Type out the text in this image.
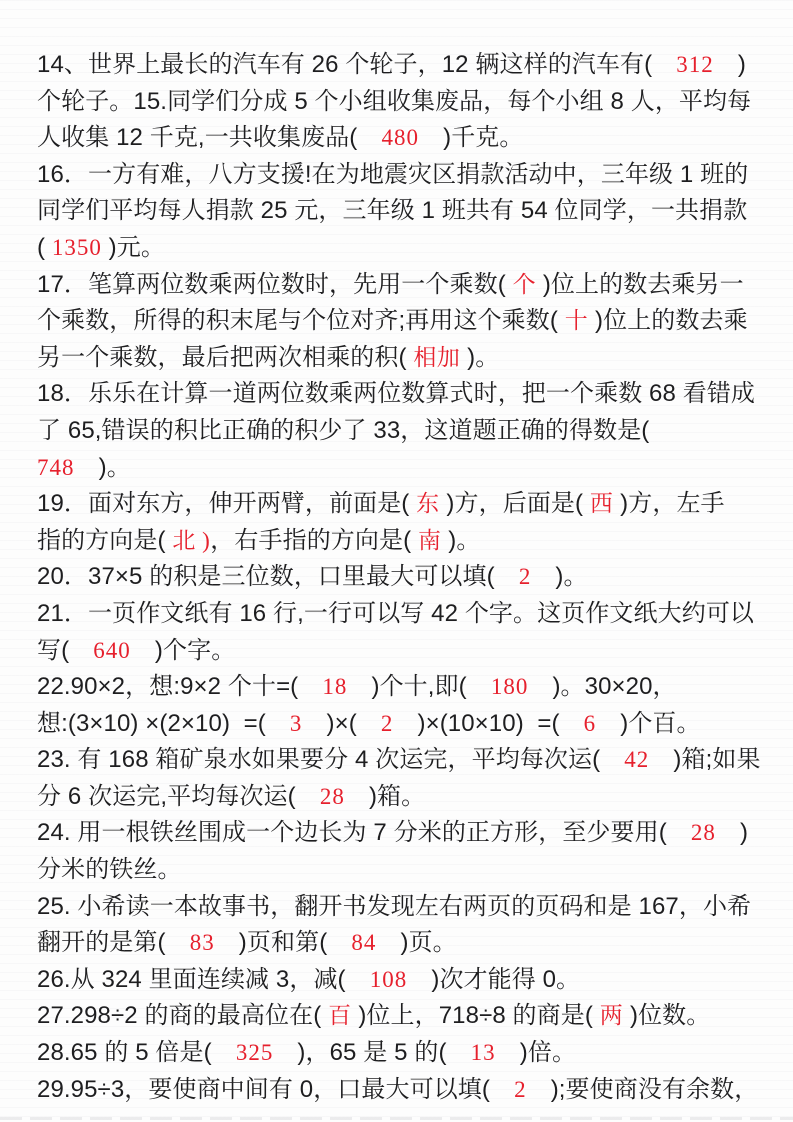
14、世界上最长的汽车有 26 个轮子，12 辆这样的汽车有(　312　)
个轮子。15.同学们分成 5 个小组收集废品，每个小组 8 人，平均每
人收集 12 千克,一共收集废品(　480　)千克。
16．一方有难，八方支援!在为地震灾区捐款活动中，三年级 1 班的
同学们平均每人捐款 25 元，三年级 1 班共有 54 位同学，一共捐款
( 1350 )元。
17．笔算两位数乘两位数时，先用一个乘数( 个 )位上的数去乘另一
个乘数，所得的积末尾与个位对齐;再用这个乘数( 十 )位上的数去乘
另一个乘数，最后把两次相乘的积( 相加 )。
18．乐乐在计算一道两位数乘两位数算式时，把一个乘数 68 看错成
了 65,错误的积比正确的积少了 33，这道题正确的得数是(　748　)。
19．面对东方，伸开两臂，前面是( 东 )方，后面是( 西 )方，左手
指的方向是( 北 )，右手指的方向是( 南 )。
20．37×5 的积是三位数，口里最大可以填(　2　)。
21．一页作文纸有 16 行,一行可以写 42 个字。这页作文纸大约可以
写(　640　)个字。
22.90×2，想:9×2 个十=(　18　)个十,即(　180　)。30×20，
想:(3×10) ×(2×10)  =(　3　)×(　2　)×(10×10)  =(　6　)个百。
23. 有 168 箱矿泉水如果要分 4 次运完，平均每次运(　42　)箱;如果
分 6 次运完,平均每次运(　28　)箱。
24. 用一根铁丝围成一个边长为 7 分米的正方形，至少要用(　28　)
分米的铁丝。
25. 小希读一本故事书，翻开书发现左右两页的页码和是 167，小希
翻开的是第(　83　)页和第(　84　)页。
26.从 324 里面连续减 3，减(　108　)次才能得 0。
27.298÷2 的商的最高位在( 百 )位上，718÷8 的商是( 两 )位数。
28.65 的 5 倍是(　325　)，65 是 5 的(　13　)倍。
29.95÷3，要使商中间有 0，口最大可以填(　2　);要使商没有余数，
